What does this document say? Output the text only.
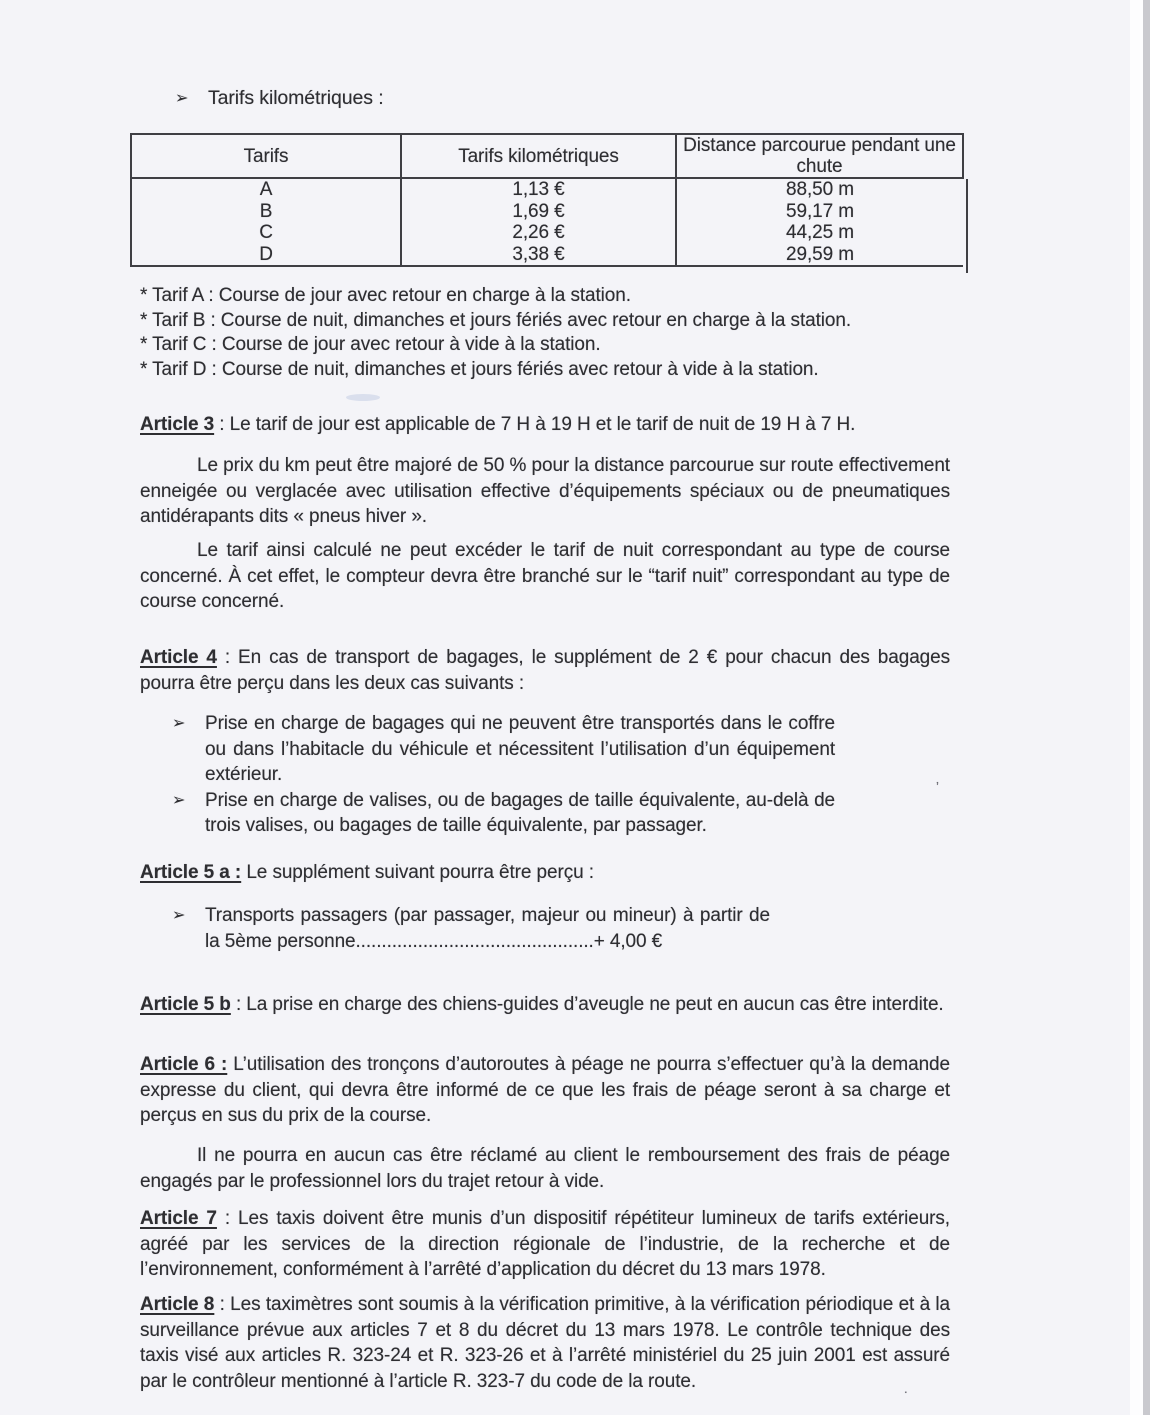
➢	Tarifs kilométriques :
Tarifs	Tarifs kilométriques	Distance parcourue pendant une chute
A	1,13 €	88,50 m
B	1,69 €	59,17 m
C	2,26 €	44,25 m
D	3,38 €	29,59 m

* Tarif A : Course de jour avec retour en charge à la station.

* Tarif B : Course de nuit, dimanches et jours fériés avec retour en charge à la station.

* Tarif C : Course de jour avec retour à vide à la station.

* Tarif D : Course de nuit, dimanches et jours fériés avec retour à vide à la station.

Article 3 : Le tarif de jour est applicable de 7 H à 19 H et le tarif de nuit de 19 H à 7 H.

Le prix du km peut être majoré de 50 % pour la distance parcourue sur route effectivement enneigée ou verglacée avec utilisation effective d’équipements spéciaux ou de pneumatiques antidérapants dits « pneus hiver ».

Le tarif ainsi calculé ne peut excéder le tarif de nuit correspondant au type de course concerné. À cet effet, le compteur devra être branché sur le “tarif nuit” correspondant au type de course concerné.

Article 4 : En cas de transport de bagages, le supplément de 2 € pour chacun des bagages pourra être perçu dans les deux cas suivants :

➢	Prise en charge de bagages qui ne peuvent être transportés dans le coffre ou dans l’habitacle du véhicule et nécessitent l’utilisation d’un équipement extérieur.
➢	Prise en charge de valises, ou de bagages de taille équivalente, au-delà de trois valises, ou bagages de taille équivalente, par passager.

Article 5 a : Le supplément suivant pourra être perçu :

➢	Transports passagers (par passager, majeur ou mineur) à partir de la 5ème personne..............................................+ 4,00 €

Article 5 b : La prise en charge des chiens-guides d’aveugle ne peut en aucun cas être interdite.

Article 6 : L’utilisation des tronçons d’autoroutes à péage ne pourra s’effectuer qu’à la demande expresse du client, qui devra être informé de ce que les frais de péage seront à sa charge et perçus en sus du prix de la course.

Il ne pourra en aucun cas être réclamé au client le remboursement des frais de péage engagés par le professionnel lors du trajet retour à vide.

Article 7 : Les taxis doivent être munis d’un dispositif répétiteur lumineux de tarifs extérieurs, agréé par les services de la direction régionale de l’industrie, de la recherche et de l’environnement, conformément à l’arrêté d’application du décret du 13 mars 1978.

Article 8 : Les taximètres sont soumis à la vérification primitive, à la vérification périodique et à la surveillance prévue aux articles 7 et 8 du décret du 13 mars 1978. Le contrôle technique des taxis visé aux articles R. 323-24 et R. 323-26 et à l’arrêté ministériel du 25 juin 2001 est assuré par le contrôleur mentionné à l’article R. 323-7 du code de la route.

’
.
